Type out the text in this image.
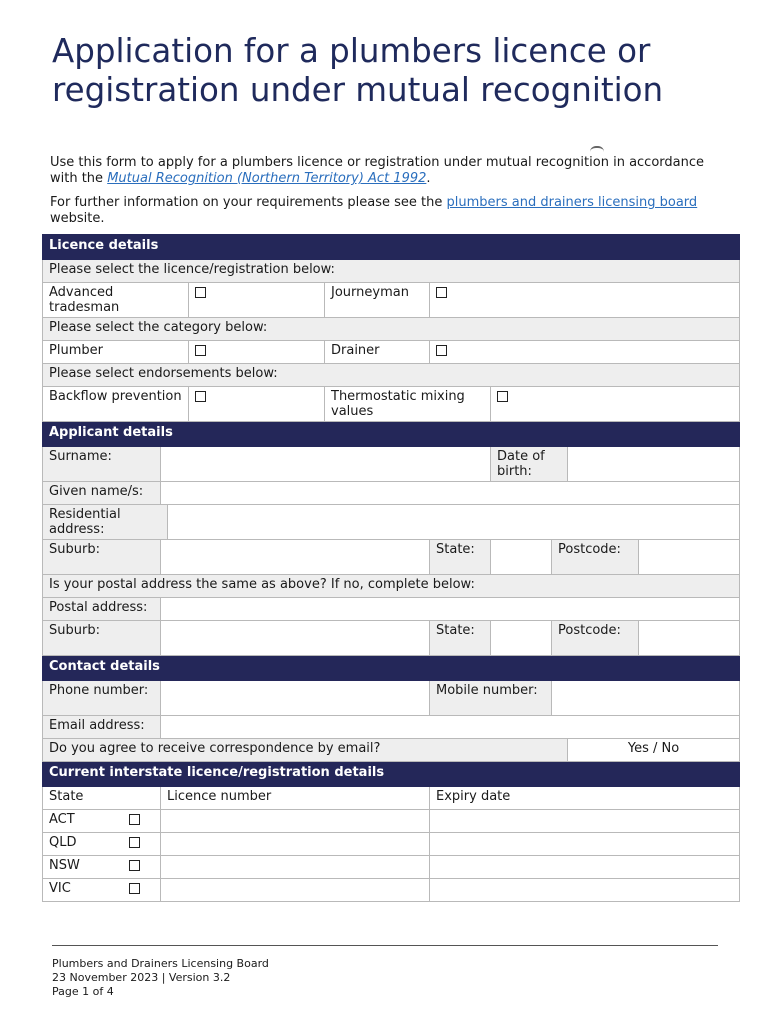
Application for a plumbers licence or registration under mutual recognition

Use this form to apply for a plumbers licence or registration under mutual recognition in accordance with the Mutual Recognition (Northern Territory) Act 1992.

For further information on your requirements please see the plumbers and drainers licensing board website.

Licence details									
Please select the licence/registration below:									
Advanced tradesman				Journeyman					
Please select the category below:									
Plumber				Drainer					
Please select endorsements below:									
Backflow prevention				Thermostatic mixing values					
Applicant details									
Surname:						Date of birth:			
Given name/s:									
Residential address:									
Suburb:					State:		Postcode:		
Is your postal address the same as above? If no, complete below:									
Postal address:									
Suburb:					State:		Postcode:		
Contact details									
Phone number:					Mobile number:				
Email address:									
Do you agree to receive correspondence by email?								Yes / No	
Current interstate licence/registration details									
State	Licence number				Expiry date				
ACT									
QLD									
NSW									
VIC									
Plumbers and Drainers Licensing Board
23 November 2023 | Version 3.2
Page 1 of 4
